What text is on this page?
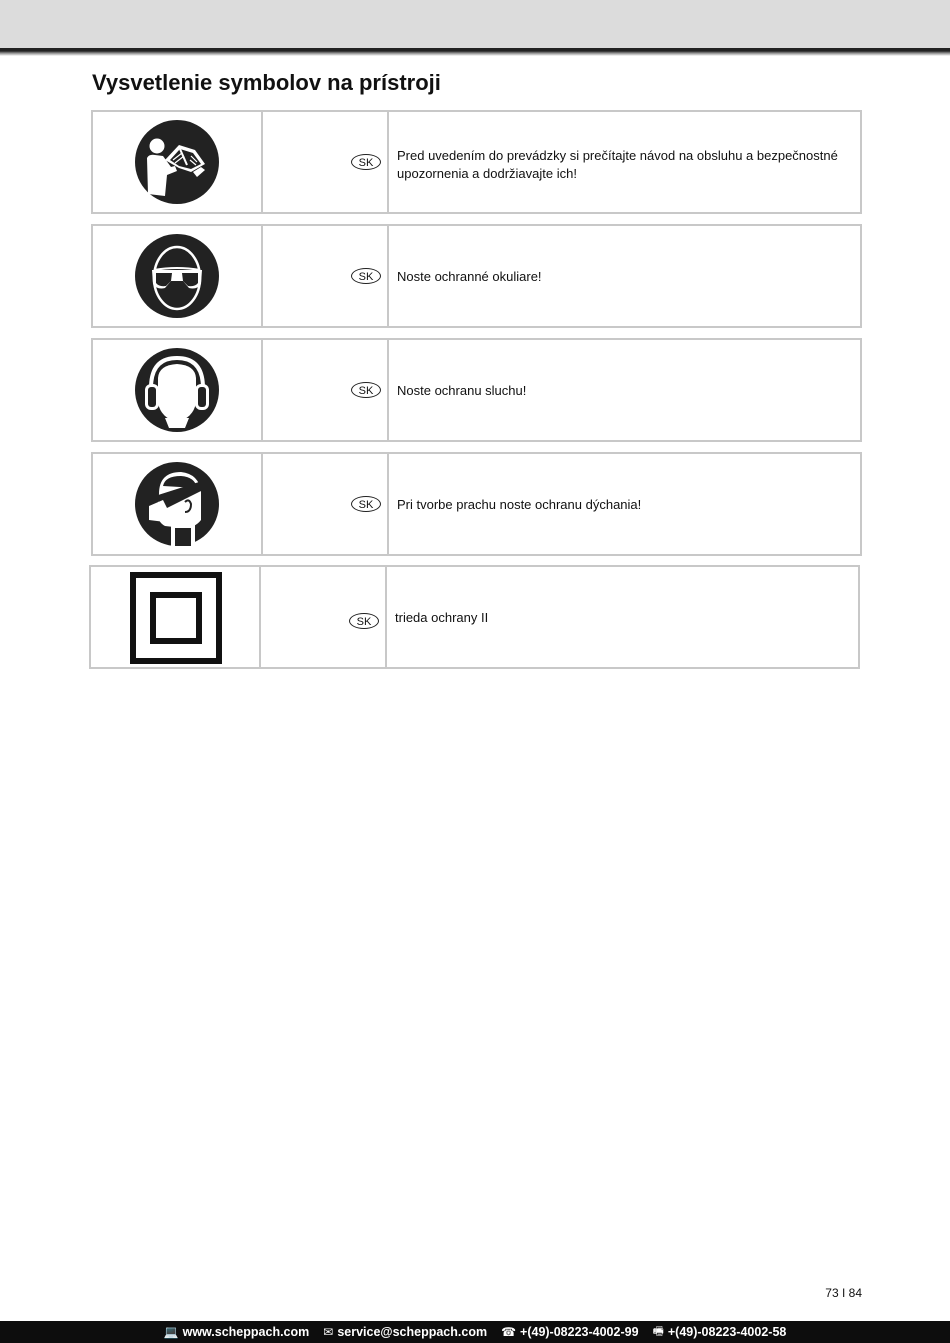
Vysvetlenie symbolov na prístroji
SK	Pred uvedením do prevádzky si prečítajte návod na obsluhu a bezpečnostné upozornenia a dodržiavajte ich!
SK	Noste ochranné okuliare!
SK	Noste ochranu sluchu!
SK	Pri tvorbe prachu noste ochranu dýchania!
SK	trieda ochrany II
73 I 84
💻 www.scheppach.com ✉ service@scheppach.com ☎ +(49)-08223-4002-99 🖷 +(49)-08223-4002-58
